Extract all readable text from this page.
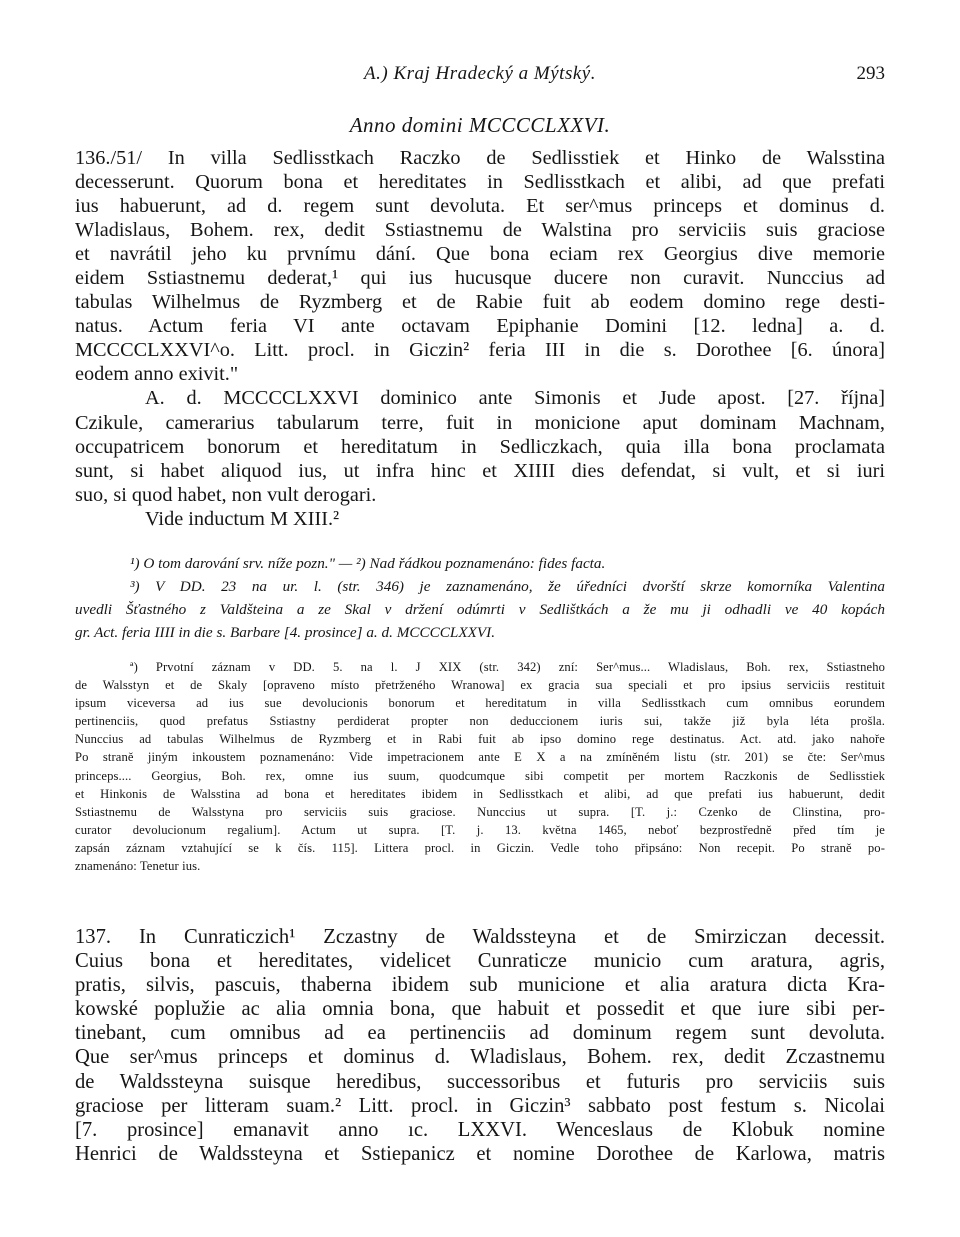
A.) Kraj Hradecký a Mýtský.	293
Anno domini MCCCCLXXVI.
136./51/ In villa Sedlisstkach Raczko de Sedlisstiek et Hinko de Walsstina
decesserunt. Quorum bona et hereditates in Sedlisstkach et alibi, ad que prefati
ius habuerunt, ad d. regem sunt devoluta. Et ser^mus princeps et dominus d.
Wladislaus, Bohem. rex, dedit Sstiastnemu de Walstina pro serviciis suis graciose
et navrátil jeho ku prvnímu dání. Que bona eciam rex Georgius dive memorie
eidem Sstiastnemu dederat,¹ qui ius hucusque ducere non curavit. Nunccius ad
tabulas Wilhelmus de Ryzmberg et de Rabie fuit ab eodem domino rege desti-
natus. Actum feria VI ante octavam Epiphanie Domini [12. ledna] a. d.
MCCCCLXXVI^o. Litt. procl. in Giczin² feria III in die s. Dorothee [6. února]
eodem anno exivit."
A. d. MCCCCLXXVI dominico ante Simonis et Jude apost. [27. října]
Czikule, camerarius tabularum terre, fuit in monicione aput dominam Machnam,
occupatricem bonorum et hereditatum in Sedliczkach, quia illa bona proclamata
sunt, si habet aliquod ius, ut infra hinc et XIIII dies defendat, si vult, et si iuri
suo, si quod habet, non vult derogari.
Vide inductum M XIII.²
¹) O tom darování srv. níže pozn." — ²) Nad řádkou poznamenáno: fides facta.
³) V DD. 23 na ur. l. (str. 346) je zaznamenáno, že úředníci dvorští skrze komorníka Valentina
uvedli Šťastného z Valdšteina a ze Skal v držení odúmrti v Sedlištkách a že mu ji odhadli ve 40 kopách
gr. Act. feria IIII in die s. Barbare [4. prosince] a. d. MCCCCLXXVI.
ª) Prvotní záznam v DD. 5. na l. J XIX (str. 342) zní: Ser^mus... Wladislaus, Boh. rex, Sstiastneho
de Walsstyn et de Skaly [opraveno místo přetrženého Wranowa] ex gracia sua speciali et pro ipsius serviciis restituit
ipsum viceversa ad ius sue devolucionis bonorum et hereditatum in villa Sedlisstkach cum omnibus eorundem
pertinenciis, quod prefatus Sstiastny perdiderat propter non deduccionem iuris sui, takže již byla léta prošla.
Nunccius ad tabulas Wilhelmus de Ryzmberg et in Rabi fuit ab ipso domino rege destinatus. Act. atd. jako nahoře
Po straně jiným inkoustem poznamenáno: Vide impetracionem ante E X a na zmíněném listu (str. 201) se čte: Ser^mus
princeps.... Georgius, Boh. rex, omne ius suum, quodcumque sibi competit per mortem Raczkonis de Sedlisstiek
et Hinkonis de Walsstina ad bona et hereditates ibidem in Sedlisstkach et alibi, ad que prefati ius habuerunt, dedit
Sstiastnemu de Walsstyna pro serviciis suis graciose. Nunccius ut supra. [T. j.: Czenko de Clinstina, pro-
curator devolucionum regalium]. Actum ut supra. [T. j. 13. května 1465, neboť bezprostředně před tím je
zapsán záznam vztahující se k čís. 115]. Littera procl. in Giczin. Vedle toho připsáno: Non recepit. Po straně po-
znamenáno: Tenetur ius.
137. In Cunraticzich¹ Zczastny de Waldssteyna et de Smirziczan decessit.
Cuius bona et hereditates, videlicet Cunraticze municio cum aratura, agris,
pratis, silvis, pascuis, thaberna ibidem sub municione et alia aratura dicta Kra-
kowské poplužie ac alia omnia bona, que habuit et possedit et que iure sibi per-
tinebant, cum omnibus ad ea pertinenciis ad dominum regem sunt devoluta.
Que ser^mus princeps et dominus d. Wladislaus, Bohem. rex, dedit Zczastnemu
de Waldssteyna suisque heredibus, successoribus et futuris pro serviciis suis
graciose per litteram suam.² Litt. procl. in Giczin³ sabbato post festum s. Nicolai
[7. prosince] emanavit anno ıc. LXXVI. Wenceslaus de Klobuk nomine
Henrici de Waldssteyna et Sstiepanicz et nomine Dorothee de Karlowa, matris
